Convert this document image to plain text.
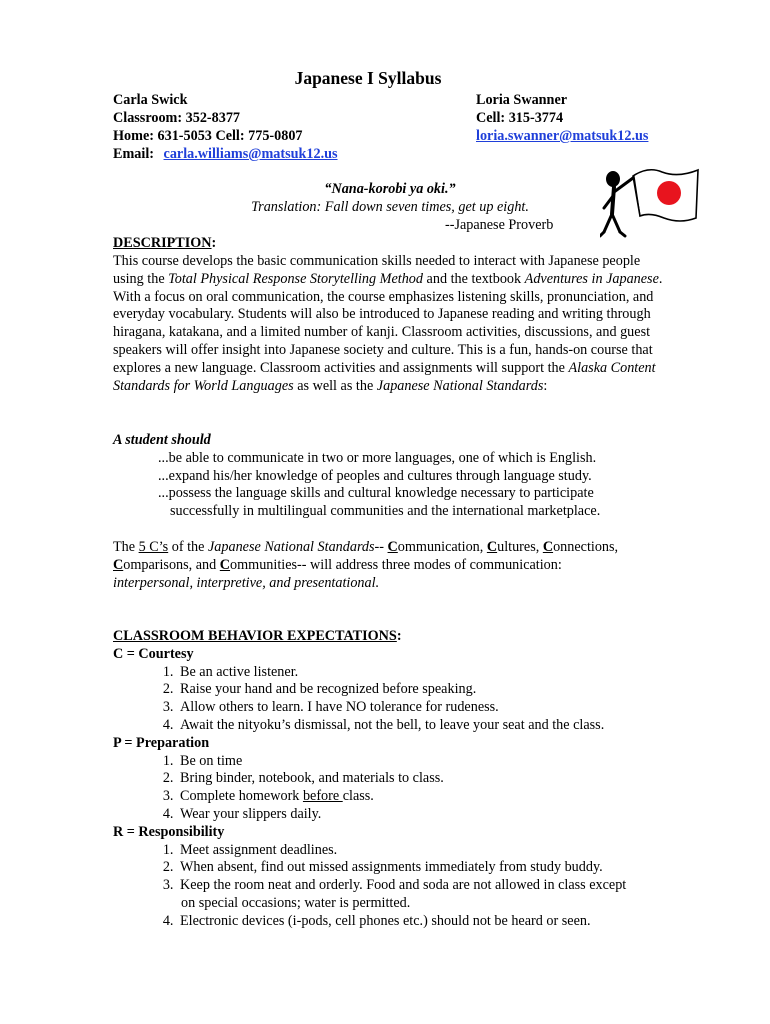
Japanese I Syllabus
Carla Swick
Classroom: 352-8377
Home: 631-5053 Cell: 775-0807
Email: carla.williams@matsuk12.us
Loria Swanner
Cell: 315-3774
loria.swanner@matsuk12.us
“Nana-korobi ya oki.”
Translation: Fall down seven times, get up eight.
--Japanese Proverb
DESCRIPTION:
This course develops the basic communication skills needed to interact with Japanese people using the Total Physical Response Storytelling Method and the textbook Adventures in Japanese. With a focus on oral communication, the course emphasizes listening skills, pronunciation, and everyday vocabulary. Students will also be introduced to Japanese reading and writing through hiragana, katakana, and a limited number of kanji. Classroom activities, discussions, and guest speakers will offer insight into Japanese society and culture. This is a fun, hands-on course that explores a new language. Classroom activities and assignments will support the Alaska Content Standards for World Languages as well as the Japanese National Standards:
A student should
...be able to communicate in two or more languages, one of which is English.
...expand his/her knowledge of peoples and cultures through language study.
...possess the language skills and cultural knowledge necessary to participate
successfully in multilingual communities and the international marketplace.
The 5 C’s of the Japanese National Standards-- Communication, Cultures, Connections,
Comparisons, and Communities-- will address three modes of communication:
interpersonal, interpretive, and presentational.
CLASSROOM BEHAVIOR EXPECTATIONS:
C = Courtesy
1. Be an active listener.
2. Raise your hand and be recognized before speaking.
3. Allow others to learn. I have NO tolerance for rudeness.
4. Await the nityoku’s dismissal, not the bell, to leave your seat and the class.
P = Preparation
1. Be on time
2. Bring binder, notebook, and materials to class.
3. Complete homework before class.
4. Wear your slippers daily.
R = Responsibility
1. Meet assignment deadlines.
2. When absent, find out missed assignments immediately from study buddy.
3. Keep the room neat and orderly. Food and soda are not allowed in class except
on special occasions; water is permitted.
4. Electronic devices (i-pods, cell phones etc.) should not be heard or seen.
